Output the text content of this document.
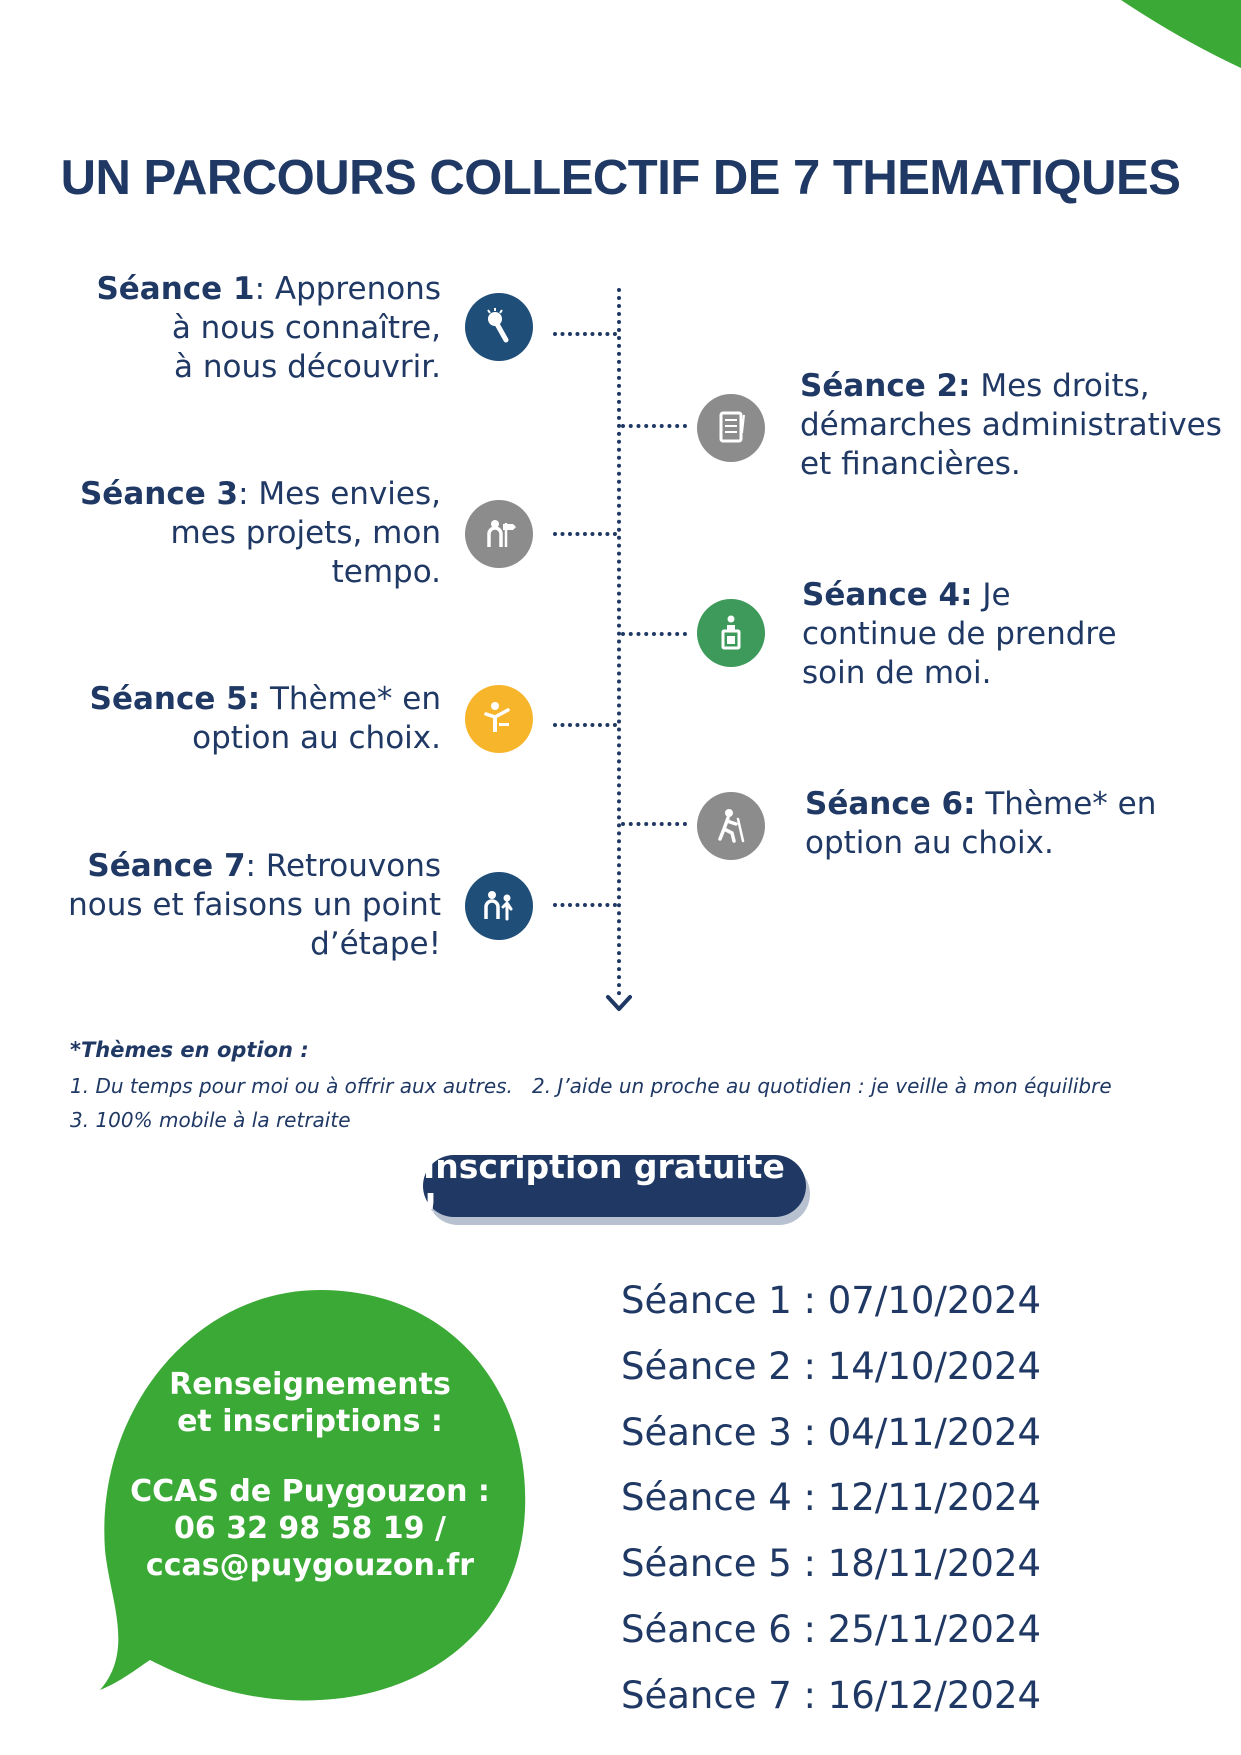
UN PARCOURS COLLECTIF DE 7 THEMATIQUES
Séance 1: Apprenons
à nous connaître,
à nous découvrir.
Séance 2: Mes droits,
démarches administratives
et financières.
Séance 3: Mes envies,
mes projets, mon
tempo.
Séance 4: Je
continue de prendre
soin de moi.
Séance 5: Thème* en
option au choix.
Séance 6: Thème* en
option au choix.
Séance 7: Retrouvons
nous et faisons un point
d’étape!
*Thèmes en option :
1. Du temps pour moi ou à offrir aux autres.   2. J’aide un proche au quotidien : je veille à mon équilibre
3. 100% mobile à la retraite
Inscription gratuite !
Renseignements
et inscriptions :
CCAS de Puygouzon :
06 32 98 58 19 /
ccas@puygouzon.fr
Séance 1 : 07/10/2024
Séance 2 : 14/10/2024
Séance 3 : 04/11/2024
Séance 4 : 12/11/2024
Séance 5 : 18/11/2024
Séance 6 : 25/11/2024
Séance 7 : 16/12/2024
